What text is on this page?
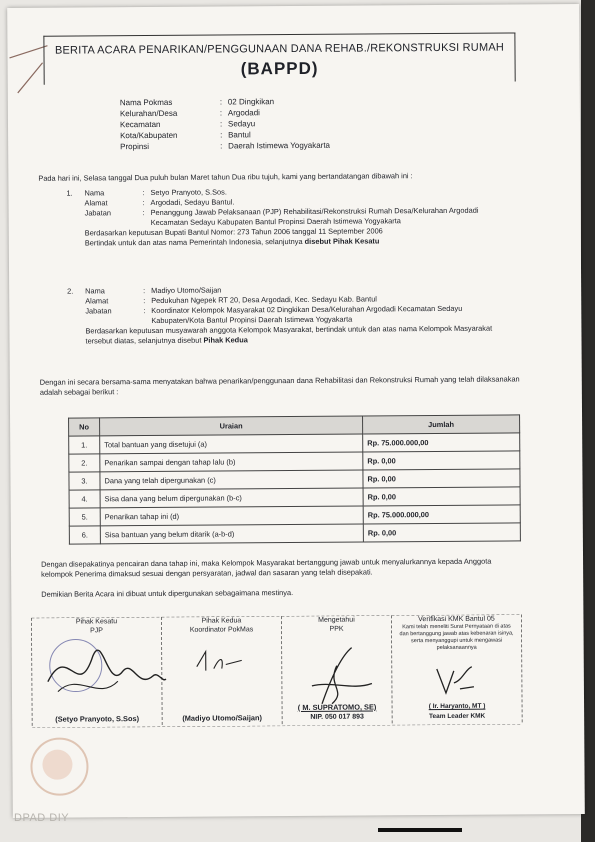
BERITA ACARA PENARIKAN/PENGGUNAAN DANA REHAB./REKONSTRUKSI RUMAH
(BAPPD)
Nama Pokmas	: 02 Dingkikan
Kelurahan/Desa	: Argodadi
Kecamatan	: Sedayu
Kota/Kabupaten	: Bantul
Propinsi	: Daerah Istimewa Yogyakarta
Pada hari ini, Selasa tanggal Dua puluh bulan Maret tahun Dua ribu tujuh, kami yang bertandatangan dibawah ini :
1.	Nama	: Setyo Pranyoto, S.Sos.
Alamat	: Argodadi, Sedayu Bantul.
Jabatan	: Penanggung Jawab Pelaksanaan (PJP) Rehabilitasi/Rekonstruksi Rumah Desa/Kelurahan Argodadi Kecamatan Sedayu Kabupaten Bantul Propinsi Daerah Istimewa Yogyakarta
Berdasarkan keputusan Bupati Bantul Nomor: 273 Tahun 2006 tanggal 11 September 2006
Bertindak untuk dan atas nama Pemerintah Indonesia, selanjutnya disebut Pihak Kesatu
2.	Nama	: Madiyo Utomo/Saijan
Alamat	: Pedukuhan Ngepek RT 20, Desa Argodadi, Kec. Sedayu Kab. Bantul
Jabatan	: Koordinator Kelompok Masyarakat 02 Dingkikan Desa/Kelurahan Argodadi Kecamatan Sedayu Kabupaten/Kota Bantul Propinsi Daerah Istimewa Yogyakarta
Berdasarkan keputusan musyawarah anggota Kelompok Masyarakat, bertindak untuk dan atas nama Kelompok Masyarakat tersebut diatas, selanjutnya disebut Pihak Kedua
Dengan ini secara bersama-sama menyatakan bahwa penarikan/penggunaan dana Rehabilitasi dan Rekonstruksi Rumah yang telah dilaksanakan adalah sebagai berikut :
No	Uraian	Jumlah
1.	Total bantuan yang disetujui (a)	Rp. 75.000.000,00
2.	Penarikan sampai dengan tahap lalu (b)	Rp. 0,00
3.	Dana yang telah dipergunakan (c)	Rp. 0,00
4.	Sisa dana yang belum dipergunakan (b-c)	Rp. 0,00
5.	Penarikan tahap ini (d)	Rp. 75.000.000,00
6.	Sisa bantuan yang belum ditarik (a-b-d)	Rp. 0,00
Dengan disepakatinya pencairan dana tahap ini, maka Kelompok Masyarakat bertanggung jawab untuk menyalurkannya kepada Anggota kelompok Penerima dimaksud sesuai dengan persyaratan, jadwal dan sasaran yang telah disepakati.
Demikian Berita Acara ini dibuat untuk dipergunakan sebagaimana mestinya.
Pihak Kesatu
PJP
(Setyo Pranyoto, S.Sos)
Pihak Kedua
Koordinator PokMas
(Madiyo Utomo/Saijan)
Mengetahui
PPK
( M. SUPRATOMO, SE)
NIP. 050 017 893
Verifikasi KMK Bantul 05
Kami telah meneliti Surat Pernyataan di atas dan bertanggung jawab atas kebenaran isinya, serta menyanggupi untuk mengawasi pelaksanaannya
( Ir. Haryanto, MT )
Team Leader KMK
DPAD DIY
